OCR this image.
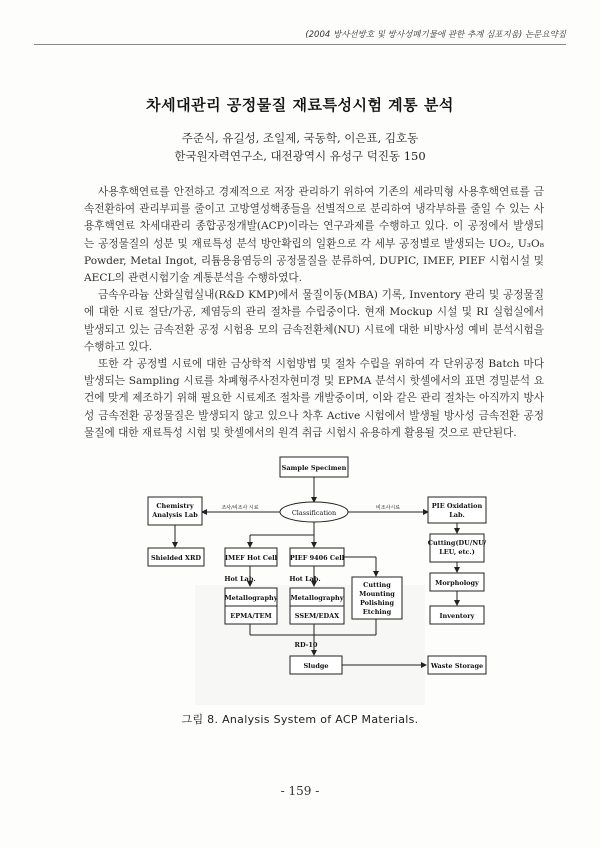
(2004 방사선방호 및 방사성폐기물에 관한 추계 심포지움) 논문요약집
차세대관리 공정물질 재료특성시험 계통 분석
주준식, 유길성, 조일제, 국동학, 이은표, 김호동
한국원자력연구소, 대전광역시 유성구 덕진동 150

사용후핵연료를 안전하고 경제적으로 저장 관리하기 위하여 기존의 세라믹형 사용후핵연료를 금속전환하여 관리부피를 줄이고 고방열성핵종들을 선별적으로 분리하여 냉각부하를 줄일 수 있는 사용후핵연료 차세대관리 종합공정개발(ACP)이라는 연구과제를 수행하고 있다. 이 공정에서 발생되는 공정물질의 성분 및 재료특성 분석 방안확립의 일환으로 각 세부 공정별로 발생되는 UO₂, U₃O₈ Powder, Metal Ingot, 리튬용융염등의 공정물질을 분류하여, DUPIC, IMEF, PIEF 시험시설 및 AECL의 관련시험기술 계통분석을 수행하였다.

금속우라늄 산화실험실내(R&D KMP)에서 물질이동(MBA) 기록, Inventory 관리 및 공정물질에 대한 시료 절단/가공, 제염등의 관리 절차를 수립중이다. 현재 Mockup 시설 및 RI 실험실에서 발생되고 있는 금속전환 공정 시험용 모의 금속전환체(NU) 시료에 대한 비방사성 예비 분석시험을 수행하고 있다.

또한 각 공정별 시료에 대한 금상학적 시험방법 및 절차 수립을 위하여 각 단위공정 Batch 마다 발생되는 Sampling 시료를 차폐형주사전자현미경 및 EPMA 분석시 핫셀에서의 표면 경밀분석 요건에 맞게 제조하기 위해 필요한 시료제조 절차를 개발중이며, 이와 같은 관리 절차는 아직까지 방사성 금속전환 공정물질은 발생되지 않고 있으나 차후 Active 시험에서 발생될 방사성 금속전환 공정물질에 대한 재료특성 시험 및 핫셀에서의 원격 취급 시험시 유용하게 활용될 것으로 판단된다.

Sample Specimen
Classification
Chemistry
Analysis Lab
조사/비조사 시료	비조사시료
Shielded XRD	IMEF Hot Cell PIEF 9406 Cell
Hot Lab.	Hot Lab.
Metallography
EPMA/TEM
Metallography
SSEM/EDAX
Cutting
Mounting
Polishing
Etching
PIE Oxidation
Lab.
Cutting(DU/NU/
LEU, etc.)
Morphology
Inventory
RD-10
Sludge	Waste Storage
그림 8. Analysis System of ACP Materials.
- 159 -
